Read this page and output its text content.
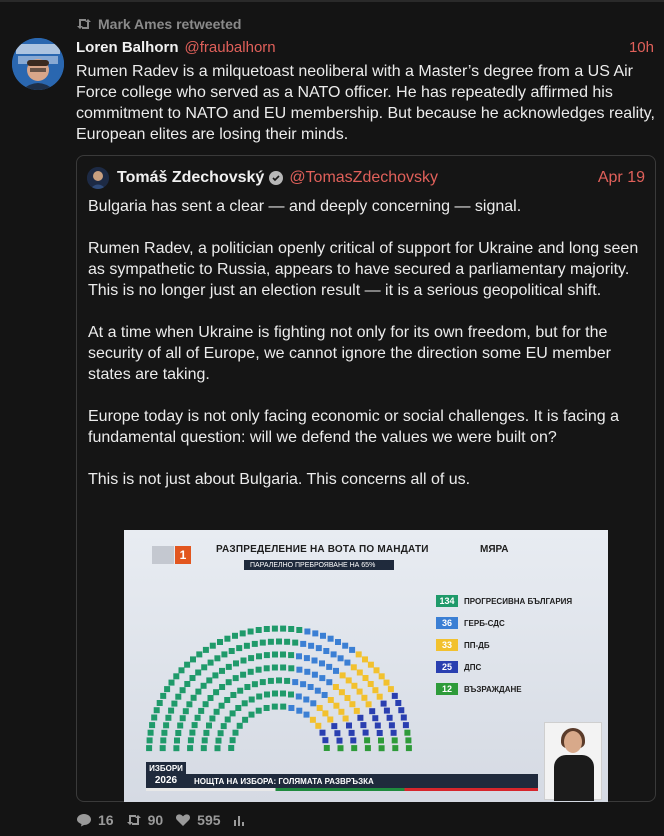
Mark Ames retweeted
Loren Balhorn @fraubalhorn	10h
Rumen Radev is a milquetoast neoliberal with a Master’s degree from a US Air Force college who served as a NATO officer. He has repeatedly affirmed his commitment to NATO and EU membership. But because he acknowledges reality, European elites are losing their minds.
Tomáš Zdechovský @TomasZdechovsky	Apr 19

Bulgaria has sent a clear — and deeply concerning — signal.

Rumen Radev, a politician openly critical of support for Ukraine and long seen as sympathetic to Russia, appears to have secured a parliamentary majority. This is no longer just an election result — it is a serious geopolitical shift.

At a time when Ukraine is fighting not only for its own freedom, but for the security of all of Europe, we cannot ignore the direction some EU member states are taking.

Europe today is not only facing economic or social challenges. It is facing a fundamental question: will we defend the values we were built on?

This is not just about Bulgaria. This concerns all of us.

1	РАЗПРЕДЕЛЕНИЕ НА ВОТА ПО МАНДАТИ	МЯРА
ПАРАЛЕЛНО ПРЕБРОЯВАНЕ НА 65%
134	ПРОГРЕСИВНА БЪЛГАРИЯ
36	ГЕРБ-СДС
33	ПП-ДБ
25	ДПС
12	ВЪЗРАЖДАНЕ
ИЗБОРИ
2026	НОЩТА НА ИЗБОРА: ГОЛЯМАТА РАЗВРЪЗКА
16 90 595
